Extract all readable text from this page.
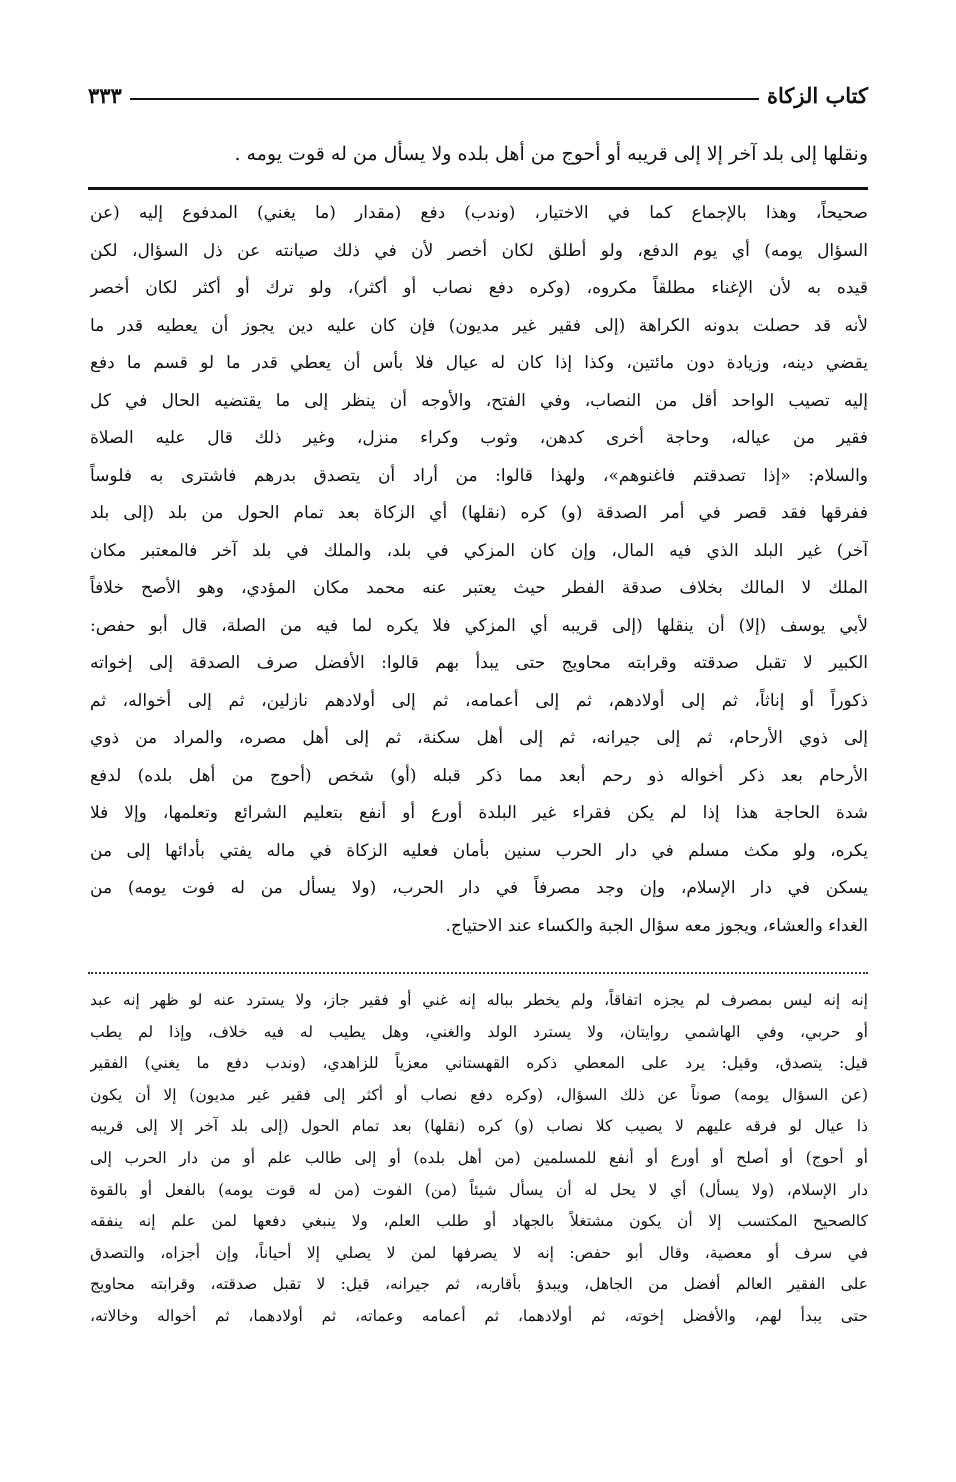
كتاب الزكاة
٣٣٣
ونقلها إلى بلد آخر إلا إلى قريبه أو أحوج من أهل بلده ولا يسأل من له قوت يومه .
صحيحاً، وهذا بالإجماع كما في الاختيار، (وندب) دفع (مقدار (ما يغني) المدفوع إليه (عن
السؤال يومه) أي يوم الدفع، ولو أطلق لكان أخصر لأن في ذلك صيانته عن ذل السؤال، لكن
قيده به لأن الإغناء مطلقاً مكروه، (وكره دفع نصاب أو أكثر)، ولو ترك أو أكثر لكان أخصر
لأنه قد حصلت بدونه الكراهة (إلى فقير غير مديون) فإن كان عليه دين يجوز أن يعطيه قدر ما
يقضي دينه، وزيادة دون مائتين، وكذا إذا كان له عيال فلا بأس أن يعطي قدر ما لو قسم ما دفع
إليه تصيب الواحد أقل من النصاب، وفي الفتح، والأوجه أن ينظر إلى ما يقتضيه الحال في كل
فقير من عياله، وحاجة أخرى كدهن، وثوب وكراء منزل، وغير ذلك قال عليه الصلاة
والسلام: «إذا تصدقتم فاغنوهم»، ولهذا قالوا: من أراد أن يتصدق بدرهم فاشترى به فلوساً
ففرقها فقد قصر في أمر الصدقة (و) كره (نقلها) أي الزكاة بعد تمام الحول من بلد (إلى بلد
آخر) غير البلد الذي فيه المال، وإن كان المزكي في بلد، والملك في بلد آخر فالمعتبر مكان
الملك لا المالك بخلاف صدقة الفطر حيث يعتبر عنه محمد مكان المؤدي، وهو الأصح خلافاً
لأبي يوسف (إلا) أن ينقلها (إلى قريبه أي المزكي فلا يكره لما فيه من الصلة، قال أبو حفص:
الكبير لا تقبل صدقته وقرابته محاويج حتى يبدأ بهم قالوا: الأفضل صرف الصدقة إلى إخواته
ذكوراً أو إناثاً، ثم إلى أولادهم، ثم إلى أعمامه، ثم إلى أولادهم نازلين، ثم إلى أخواله، ثم
إلى ذوي الأرحام، ثم إلى جيرانه، ثم إلى أهل سكنة، ثم إلى أهل مصره، والمراد من ذوي
الأرحام بعد ذكر أخواله ذو رحم أبعد مما ذكر قبله (أو) شخص (أحوج من أهل بلده) لدفع
شدة الحاجة هذا إذا لم يكن فقراء غير البلدة أورع أو أنفع بتعليم الشرائع وتعلمها، وإلا فلا
يكره، ولو مكث مسلم في دار الحرب سنين بأمان فعليه الزكاة في ماله يفتي بأدائها إلى من
يسكن في دار الإسلام، وإن وجد مصرفاً في دار الحرب، (ولا يسأل من له فوت يومه) من
الغداء والعشاء، ويجوز معه سؤال الجبة والكساء عند الاحتياج.
إنه إنه ليس بمصرف لم يجزه اتفاقاً، ولم يخطر بباله إنه غني أو فقير جاز، ولا يسترد عنه لو ظهر إنه عبد
أو حربي، وفي الهاشمي روايتان، ولا يسترد الولد والغني، وهل يطيب له فيه خلاف، وإذا لم يطب
قيل: يتصدق، وقيل: يرد على المعطي ذكره القهستاني معزياً للزاهدي، (وندب دفع ما يغني) الفقير
(عن السؤال يومه) صوناً عن ذلك السؤال، (وكره دفع نصاب أو أكثر إلى فقير غير مديون) إلا أن يكون
ذا عيال لو فرقه عليهم لا يصيب كلا نصاب (و) كره (نقلها) بعد تمام الحول (إلى بلد آخر إلا إلى قريبه
أو أحوج) أو أصلح أو أورع أو أنفع للمسلمين (من أهل بلده) أو إلى طالب علم أو من دار الحرب إلى
دار الإسلام، (ولا يسأل) أي لا يحل له أن يسأل شيئاً (من) الفوت (من له قوت يومه) بالفعل أو بالقوة
كالصحيح المكتسب إلا أن يكون مشتغلاً بالجهاد أو طلب العلم، ولا ينبغي دفعها لمن علم إنه ينفقه
في سرف أو معصية، وقال أبو حفص: إنه لا يصرفها لمن لا يصلي إلا أحياناً، وإن أجزاه، والتصدق
على الفقير العالم أفضل من الجاهل، ويبدؤ بأقاربه، ثم جيرانه، قيل: لا تقبل صدقته، وقرابته محاويج
حتى يبدأ لهم، والأفضل إخوته، ثم أولادهما، ثم أعمامه وعماته، ثم أولادهما، ثم أخواله وخالاته،
